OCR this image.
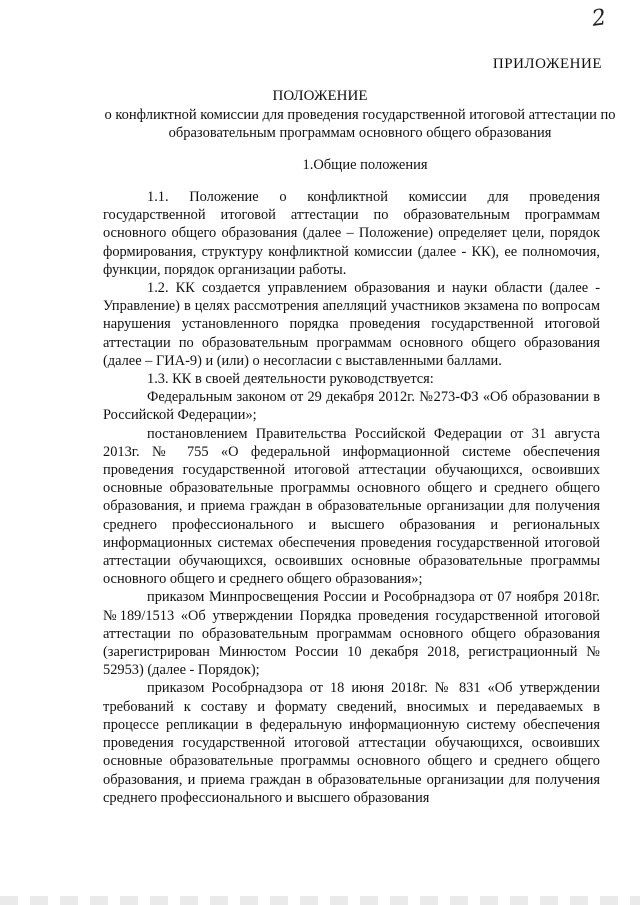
2
ПРИЛОЖЕНИЕ
ПОЛОЖЕНИЕ
о конфликтной комиссии для проведения государственной итоговой аттестации по образовательным программам основного общего образования
1.Общие положения

1.1. Положение о конфликтной комиссии для проведения государственной итоговой аттестации по образовательным программам основного общего образования (далее – Положение) определяет цели, порядок формирования, структуру конфликтной комиссии (далее - КК), ее полномочия, функции, порядок организации работы.

1.2. КК создается управлением образования и науки области (далее - Управление) в целях рассмотрения апелляций участников экзамена по вопросам нарушения установленного порядка проведения государственной итоговой аттестации по образовательным программам основного общего образования (далее – ГИА-9) и (или) о несогласии с выставленными баллами.

1.3. КК в своей деятельности руководствуется:

Федеральным законом от 29 декабря 2012г. №273-ФЗ «Об образовании в Российской Федерации»;

постановлением Правительства Российской Федерации от 31 августа 2013г. № 755 «О федеральной информационной системе обеспечения проведения государственной итоговой аттестации обучающихся, освоивших основные образовательные программы основного общего и среднего общего образования, и приема граждан в образовательные организации для получения среднего профессионального и высшего образования и региональных информационных системах обеспечения проведения государственной итоговой аттестации обучающихся, освоивших основные образовательные программы основного общего и среднего общего образования»;

приказом Минпросвещения России и Рособрнадзора от 07 ноября 2018г. №189/1513 «Об утверждении Порядка проведения государственной итоговой аттестации по образовательным программам основного общего образования (зарегистрирован Минюстом России 10 декабря 2018, регистрационный № 52953) (далее - Порядок);

приказом Рособрнадзора от 18 июня 2018г. № 831 «Об утверждении требований к составу и формату сведений, вносимых и передаваемых в процессе репликации в федеральную информационную систему обеспечения проведения государственной итоговой аттестации обучающихся, освоивших основные образовательные программы основного общего и среднего общего образования, и приема граждан в образовательные организации для получения среднего профессионального и высшего образования
